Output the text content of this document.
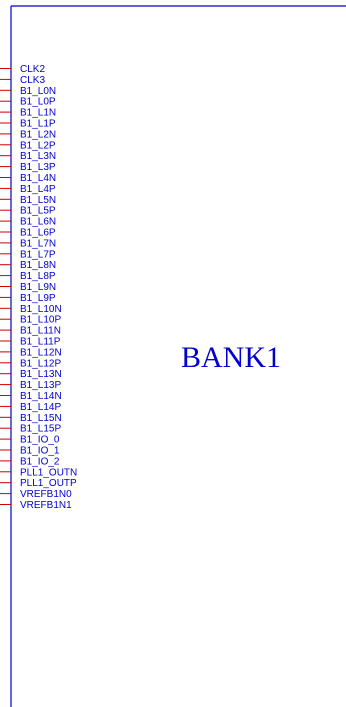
CLK2
CLK3
B1_L0N
B1_L0P
B1_L1N
B1_L1P
B1_L2N
B1_L2P
B1_L3N
B1_L3P
B1_L4N
B1_L4P
B1_L5N
B1_L5P
B1_L6N
B1_L6P
B1_L7N
B1_L7P
B1_L8N
B1_L8P
B1_L9N
B1_L9P
B1_L10N
B1_L10P
B1_L11N
B1_L11P
B1_L12N
B1_L12P
B1_L13N
B1_L13P
B1_L14N
B1_L14P
B1_L15N
B1_L15P
B1_IO_0
B1_IO_1
B1_IO_2
PLL1_OUTN
PLL1_OUTP
VREFB1N0
VREFB1N1
BANK1
